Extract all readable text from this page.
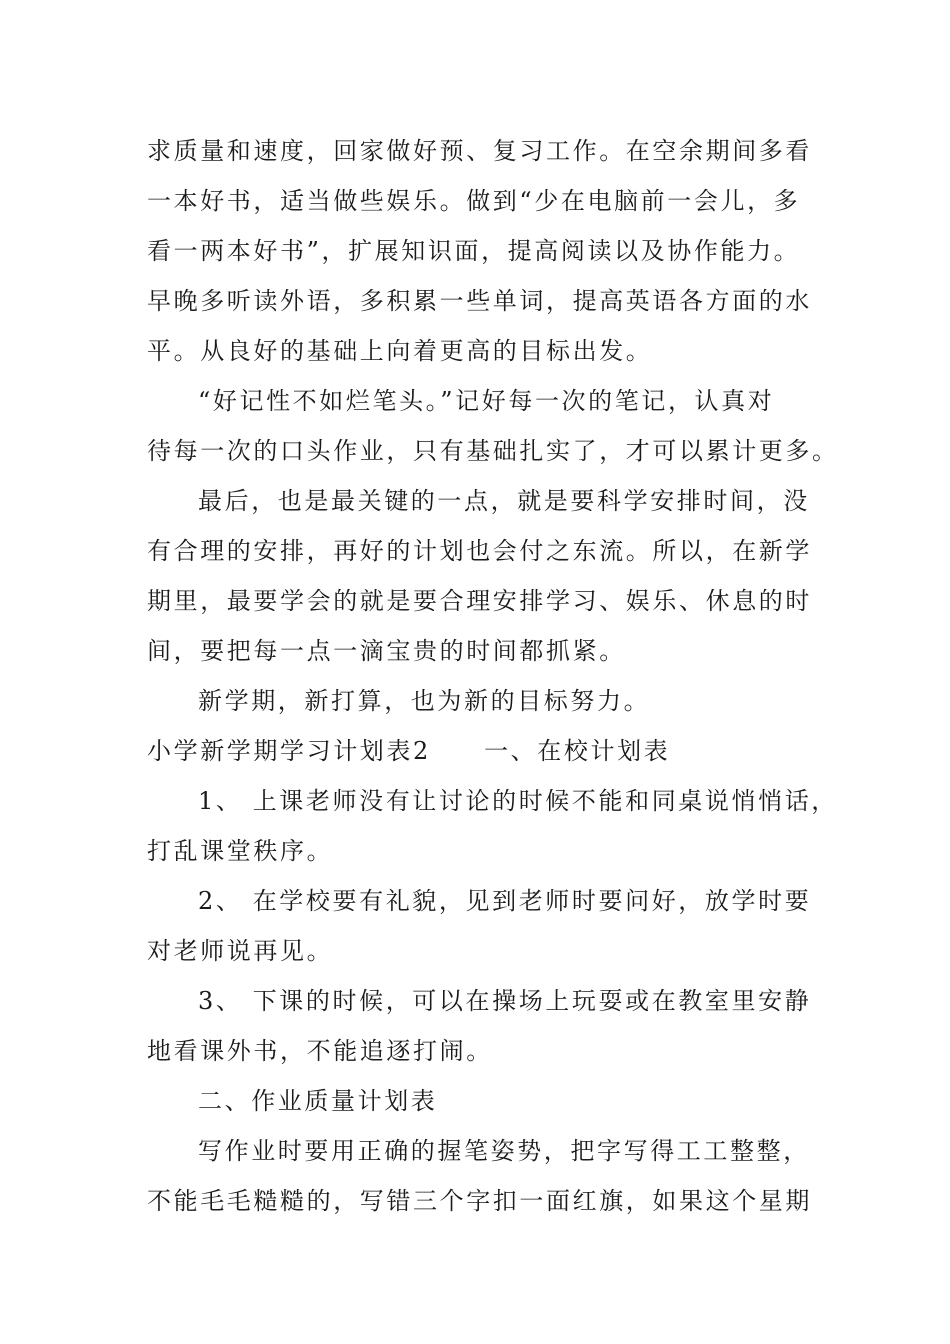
求质量和速度，回家做好预、复习工作。在空余期间多看

一本好书，适当做些娱乐。做到“少在电脑前一会儿，多

看一两本好书”，扩展知识面，提高阅读以及协作能力。

早晚多听读外语，多积累一些单词，提高英语各方面的水

平。从良好的基础上向着更高的目标出发。

“好记性不如烂笔头。”记好每一次的笔记，认真对

待每一次的口头作业，只有基础扎实了，才可以累计更多。

最后，也是最关键的一点，就是要科学安排时间，没

有合理的安排，再好的计划也会付之东流。所以，在新学

期里，最要学会的就是要合理安排学习、娱乐、休息的时

间，要把每一点一滴宝贵的时间都抓紧。

新学期，新打算，也为新的目标努力。

小学新学期学习计划表2　　一、在校计划表

1、 上课老师没有让讨论的时候不能和同桌说悄悄话，

打乱课堂秩序。

2、 在学校要有礼貌，见到老师时要问好，放学时要

对老师说再见。

3、 下课的时候，可以在操场上玩耍或在教室里安静

地看课外书，不能追逐打闹。

二、作业质量计划表

写作业时要用正确的握笔姿势，把字写得工工整整，

不能毛毛糙糙的，写错三个字扣一面红旗，如果这个星期
